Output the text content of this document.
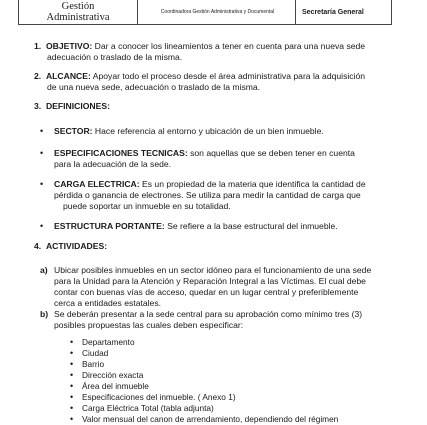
Gestión Administrativa	Coordinadora Gestión Administrativa y Documental	Secretaría General
1. OBJETIVO: Dar a conocer los lineamientos a tener en cuenta para una nueva sede
adecuación o traslado de la misma.
2. ALCANCE: Apoyar todo el proceso desde el área administrativa para la adquisición
de una nueva sede, adecuación o traslado de la misma.
3. DEFINICIONES:
• SECTOR: Hace referencia al entorno y ubicación de un bien inmueble.
• ESPECIFICACIONES TECNICAS: son aquellas que se deben tener en cuenta
para la adecuación de la sede.
• CARGA ELECTRICA: Es un propiedad de la materia que identifica la cantidad de
pérdida o ganancia de electrones. Se utiliza para medir la cantidad de carga que
puede soportar un inmueble en su totalidad.
• ESTRUCTURA PORTANTE: Se refiere a la base estructural del inmueble.
4. ACTIVIDADES:
a) Ubicar posibles inmuebles en un sector idóneo para el funcionamiento de una sede
para la Unidad para la Atención y Reparación Integral a las Víctimas. El cual debe
contar con buenas vías de acceso, quedar en un lugar central y preferiblemente
cerca a entidades estatales.
b) Se deberán presentar a la sede central para su aprobación como mínimo tres (3)
posibles propuestas las cuales deben especificar:
• Departamento
• Ciudad
• Barrio
• Dirección exacta
• Área del inmueble
• Especificaciones del inmueble. ( Anexo 1)
• Carga Eléctrica Total (tabla adjunta)
• Valor mensual del canon de arrendamiento, dependiendo del régimen
